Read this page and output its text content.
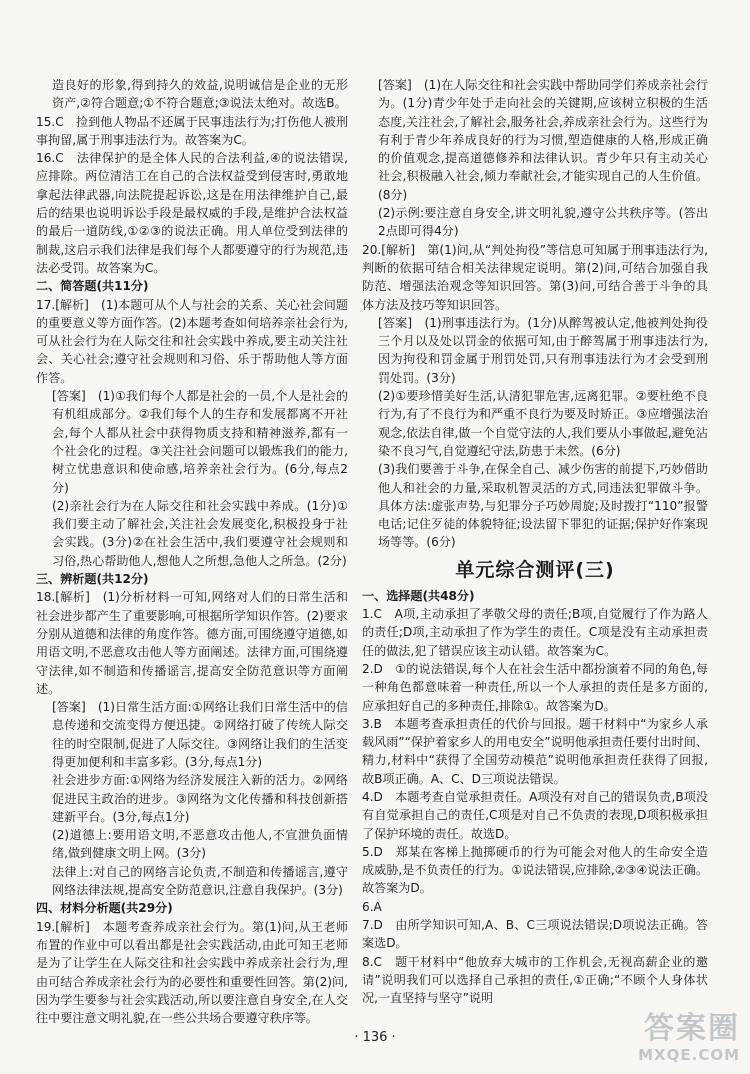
造良好的形象,得到持久的效益,说明诚信是企业的无形资产,②符合题意;①不符合题意;③说法太绝对。故选B。

15.C　捡到他人物品不还属于民事违法行为;打伤他人被刑事拘留,属于刑事违法行为。故答案为C。

16.C　法律保护的是全体人民的合法利益,④的说法错误,应排除。两位清洁工在自己的合法权益受到侵害时,勇敢地拿起法律武器,向法院提起诉讼,这是在用法律维护自己,最后的结果也说明诉讼手段是最权威的手段,是维护合法权益的最后一道防线,①②③的说法正确。用人单位受到法律的制裁,这启示我们法律是我们每个人都要遵守的行为规范,违法必受罚。故答案为C。

二、简答题(共11分)

17.[解析]　(1)本题可从个人与社会的关系、关心社会问题的重要意义等方面作答。(2)本题考查如何培养亲社会行为,可从社会行为在人际交往和社会实践中养成,要主动关注社会、关心社会;遵守社会规则和习俗、乐于帮助他人等方面作答。

[答案]　(1)①我们每个人都是社会的一员,个人是社会的有机组成部分。②我们每个人的生存和发展都离不开社会,每个人都从社会中获得物质支持和精神滋养,都有一个社会化的过程。③关注社会问题可以锻炼我们的能力,树立忧患意识和使命感,培养亲社会行为。(6分,每点2分)

(2)亲社会行为在人际交往和社会实践中养成。(1分)①我们要主动了解社会,关注社会发展变化,积极投身于社会实践。(3分)②在社会生活中,我们要遵守社会规则和习俗,热心帮助他人,想他人之所想,急他人之所急。(2分)

三、辨析题(共12分)

18.[解析]　(1)分析材料一可知,网络对人们的日常生活和社会进步都产生了重要影响,可根据所学知识作答。(2)要求分别从道德和法律的角度作答。德方面,可围绕遵守道德,如用语文明,不恶意攻击他人等方面阐述。法律方面,可围绕遵守法律,如不制造和传播谣言,提高安全防范意识等方面阐述。

[答案]　(1)日常生活方面:①网络让我们日常生活中的信息传递和交流变得方便迅捷。②网络打破了传统人际交往的时空限制,促进了人际交往。③网络让我们的生活变得更加便利和丰富多彩。(3分,每点1分)

社会进步方面:①网络为经济发展注入新的活力。②网络促进民主政治的进步。③网络为文化传播和科技创新搭建新平台。(3分,每点1分)

(2)道德上:要用语文明,不恶意攻击他人,不宣泄负面情绪,做到健康文明上网。(3分)

法律上:对自己的网络言论负责,不制造和传播谣言,遵守网络法律法规,提高安全防范意识,注意自我保护。(3分)

四、材料分析题(共29分)

19.[解析]　本题考查养成亲社会行为。第(1)问,从王老师布置的作业中可以看出都是社会实践活动,由此可知王老师是为了让学生在人际交往和社会实践中养成亲社会行为,理由可结合养成亲社会行为的必要性和重要性回答。第(2)问,因为学生要参与社会实践活动,所以要注意自身安全,在人交往中要注意文明礼貌,在一些公共场合要遵守秩序等。

[答案]　(1)在人际交往和社会实践中帮助同学们养成亲社会行为。(1分)青少年处于走向社会的关键期,应该树立积极的生活态度,关注社会,了解社会,服务社会,养成亲社会行为。这些行为有利于青少年养成良好的行为习惯,塑造健康的人格,形成正确的价值观念,提高道德修养和法律认识。青少年只有主动关心社会,积极融入社会,倾力奉献社会,才能实现自己的人生价值。(8分)

(2)示例:要注意自身安全,讲文明礼貌,遵守公共秩序等。(答出2点即可得4分)

20.[解析]　第(1)问,从“判处拘役”等信息可知属于刑事违法行为,判断的依据可结合相关法律规定说明。第(2)问,可结合加强自我防范、增强法治观念等知识回答。第(3)问,可结合善于斗争的具体方法及技巧等知识回答。

[答案]　(1)刑事违法行为。(1分)从醉驾被认定,他被判处拘役三个月以及处以罚金的依据可知,由于醉驾属于刑事违法行为,因为拘役和罚金属于刑罚处罚,只有刑事违法行为才会受到刑罚处罚。(3分)

(2)①要珍惜美好生活,认清犯罪危害,远离犯罪。②要杜绝不良行为,有了不良行为和严重不良行为要及时矫正。③应增强法治观念,依法自律,做一个自觉守法的人,我们要从小事做起,避免沾染不良习气,自觉遵纪守法,防患于未然。(6分)

(3)我们要善于斗争,在保全自己、减少伤害的前提下,巧妙借助他人和社会的力量,采取机智灵活的方式,同违法犯罪做斗争。具体方法:虚张声势,与犯罪分子巧妙周旋;及时拨打“110”报警电话;记住歹徒的体貌特征;设法留下罪犯的证据;保护好作案现场等等。(6分)

单元综合测评(三)

一、选择题(共48分)

1.C　A项,主动承担了孝敬父母的责任;B项,自觉履行了作为路人的责任;D项,主动承担了作为学生的责任。C项是没有主动承担责任的做法,犯了错误应该主动认错。故答案为C。

2.D　①的说法错误,每个人在社会生活中都扮演着不同的角色,每一种角色都意味着一种责任,所以一个人承担的责任是多方面的,应承担好自己的多种责任,排除①。故答案为D。

3.B　本题考查承担责任的代价与回报。题干材料中“为家乡人承载风雨”“保护着家乡人的用电安全”说明他承担责任要付出时间、精力,材料中“获得了全国劳动模范”说明他承担责任获得了回报,故B项正确。A、C、D三项说法错误。

4.D　本题考查自觉承担责任。A项没有对自己的错误负责,B项没有自觉承担自己的责任,C项是对自己不负责的表现,D项积极承担了保护环境的责任。故选D。

5.D　郑某在客梯上抛掷硬币的行为可能会对他人的生命安全造成威胁,是不负责任的行为。①说法错误,应排除,②③④说法正确。故答案为D。

6.A

7.D　由所学知识可知,A、B、C三项说法错误;D项说法正确。答案选D。

8.C　题干材料中“他放弃大城市的工作机会,无视高薪企业的邀请”说明我们可以选择自己承担的责任,①正确;“不顾个人身体状况,一直坚持与坚守”说明

· 136 ·	答案圈
MXQE.COM
